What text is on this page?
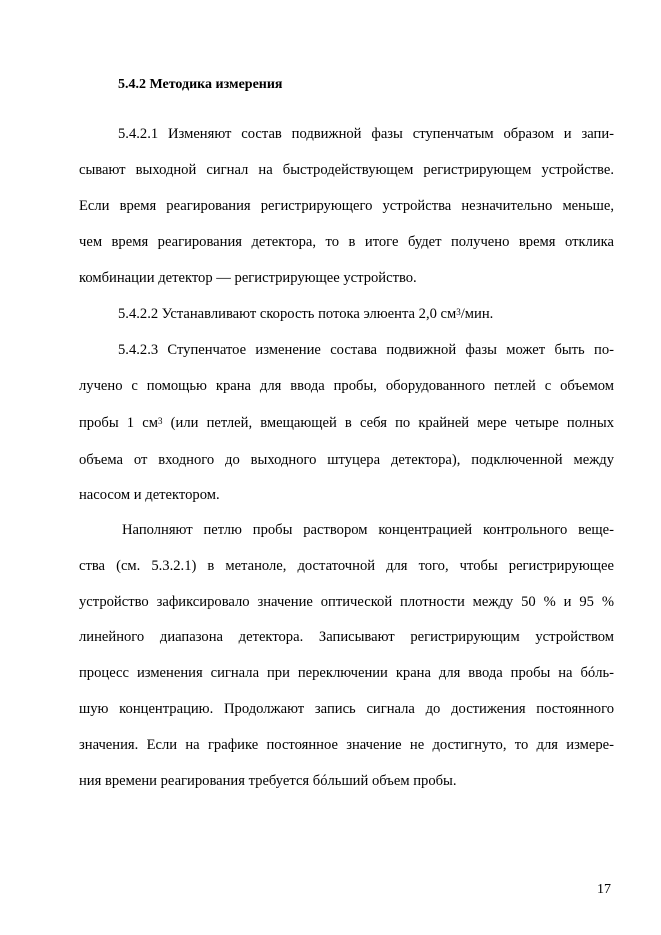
5.4.2 Методика измерения
5.4.2.1 Изменяют состав подвижной фазы ступенчатым образом и запи-
сывают выходной сигнал на быстродействующем регистрирующем устройстве.
Если время реагирования регистрирующего устройства незначительно меньше,
чем время реагирования детектора, то в итоге будет получено время отклика
комбинации детектор — регистрирующее устройство.
5.4.2.2 Устанавливают скорость потока элюента 2,0 $см^3$/мин.
5.4.2.3 Ступенчатое изменение состава подвижной фазы может быть по-
лучено с помощью крана для ввода пробы, оборудованного петлей с объемом
пробы 1 $см^3$ (или петлей, вмещающей в себя по крайней мере четыре полных
объема от входного до выходного штуцера детектора), подключенной между
насосом и детектором.
Наполняют петлю пробы раствором концентрацией контрольного веще-
ства (см. 5.3.2.1) в метаноле, достаточной для того, чтобы регистрирующее
устройство зафиксировало значение оптической плотности между 50 % и 95 %
линейного диапазона детектора. Записывают регистрирующим устройством
процесс изменения сигнала при переключении крана для ввода пробы на бóль-
шую концентрацию. Продолжают запись сигнала до достижения постоянного
значения. Если на графике постоянное значение не достигнуто, то для измере-
ния времени реагирования требуется бóльший объем пробы.
17
